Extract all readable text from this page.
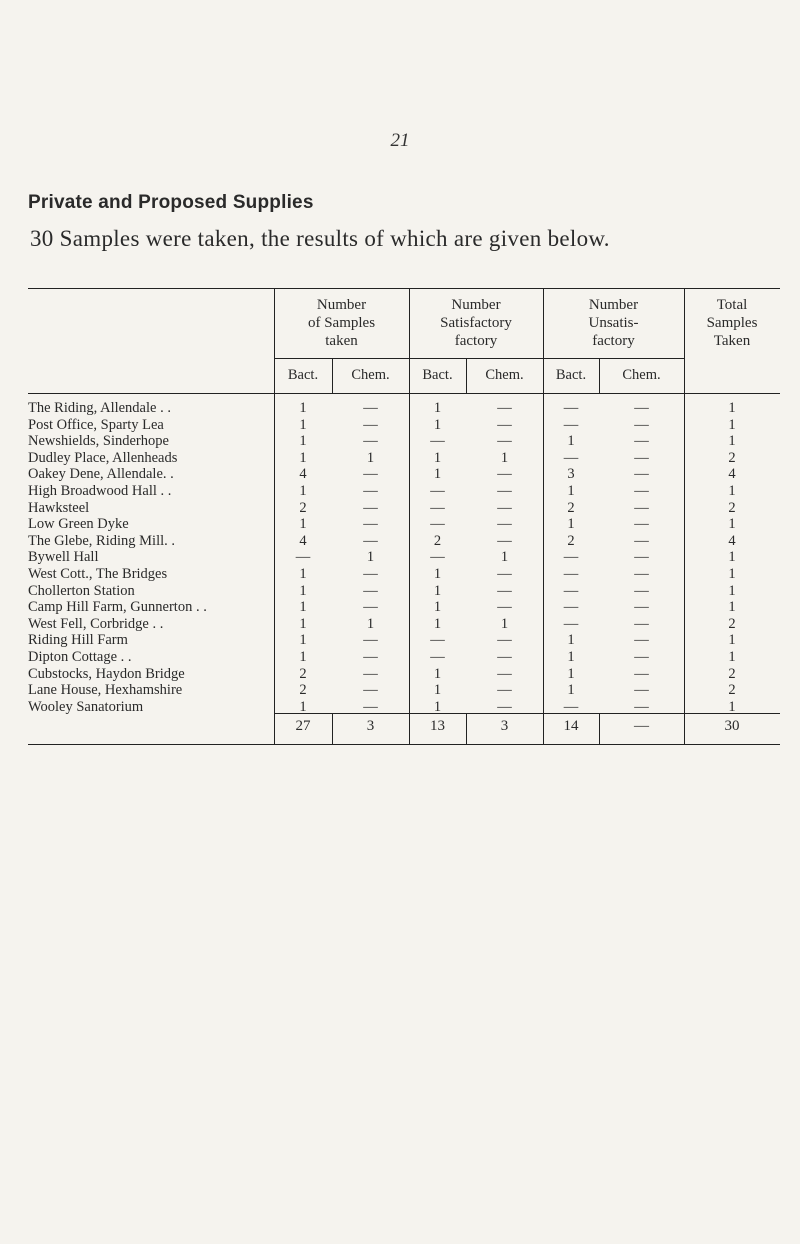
21
Private and Proposed Supplies
30 Samples were taken, the results of which are given below.
Number
of Samples
taken
Number
Satisfactory
factory
Number
Unsatis-
factory
Total
Samples
Taken
Bact.	Chem.	Bact.	Chem.	Bact.	Chem.
The Riding, Allendale . .	1	—	1	—	—	—	1
Post Office, Sparty Lea	1	—	1	—	—	—	1
Newshields, Sinderhope	1	—	—	—	1	—	1
Dudley Place, Allenheads	1	1	1	1	—	—	2
Oakey Dene, Allendale. .	4	—	1	—	3	—	4
High Broadwood Hall . .	1	—	—	—	1	—	1
Hawksteel	2	—	—	—	2	—	2
Low Green Dyke	1	—	—	—	1	—	1
The Glebe, Riding Mill. .	4	—	2	—	2	—	4
Bywell Hall	—	1	—	1	—	—	1
West Cott., The Bridges	1	—	1	—	—	—	1
Chollerton Station	1	—	1	—	—	—	1
Camp Hill Farm, Gunnerton . .	1	—	1	—	—	—	1
West Fell, Corbridge . .	1	1	1	1	—	—	2
Riding Hill Farm	1	—	—	—	1	—	1
Dipton Cottage . .	1	—	—	—	1	—	1
Cubstocks, Haydon Bridge	2	—	1	—	1	—	2
Lane House, Hexhamshire	2	—	1	—	1	—	2
Wooley Sanatorium	1	—	1	—	—	—	1
27	3	13	3	14	—	30
